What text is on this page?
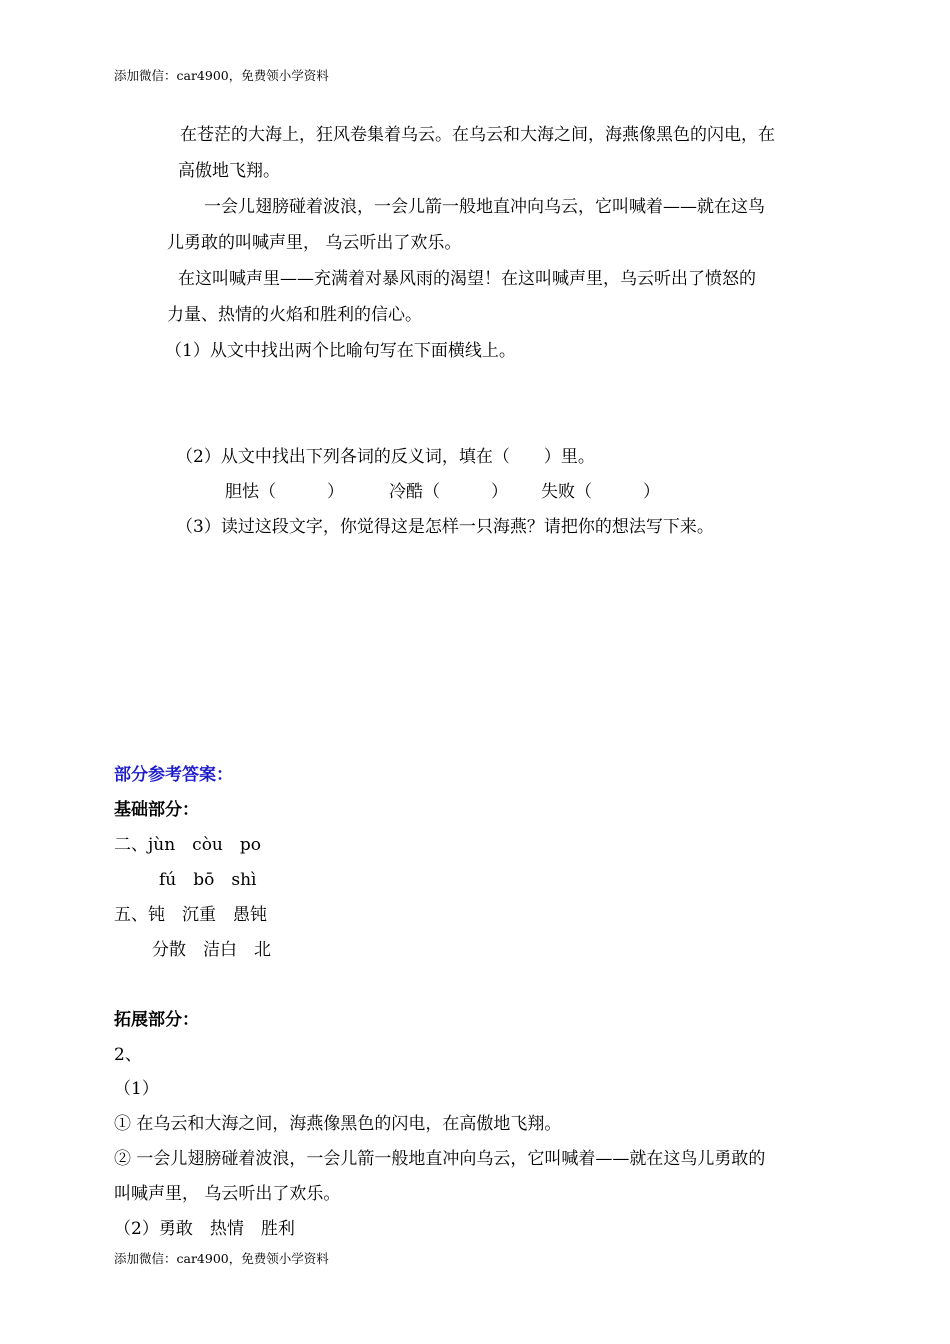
添加微信：car4900，免费领小学资料
在苍茫的大海上，狂风卷集着乌云。在乌云和大海之间，海燕像黑色的闪电，在
高傲地飞翔。
一会儿翅膀碰着波浪，一会儿箭一般地直冲向乌云，它叫喊着——就在这鸟
儿勇敢的叫喊声里， 乌云听出了欢乐。
在这叫喊声里——充满着对暴风雨的渴望！在这叫喊声里，乌云听出了愤怒的
力量、热情的火焰和胜利的信心。
（1）从文中找出两个比喻句写在下面横线上。
（2）从文中找出下列各词的反义词，填在（　　）里。
胆怯（　　　）	冷酷（　　　） 失败（　　　）
（3）读过这段文字，你觉得这是怎样一只海燕？请把你的想法写下来。
部分参考答案：
基础部分：
二、jùn　còu　po
fú　bō　shì
五、钝　沉重　愚钝
分散　洁白　北
拓展部分：
2、
（1）
① 在乌云和大海之间，海燕像黑色的闪电，在高傲地飞翔。
② 一会儿翅膀碰着波浪，一会儿箭一般地直冲向乌云，它叫喊着——就在这鸟儿勇敢的
叫喊声里， 乌云听出了欢乐。
（2）勇敢　热情　胜利
添加微信：car4900，免费领小学资料
